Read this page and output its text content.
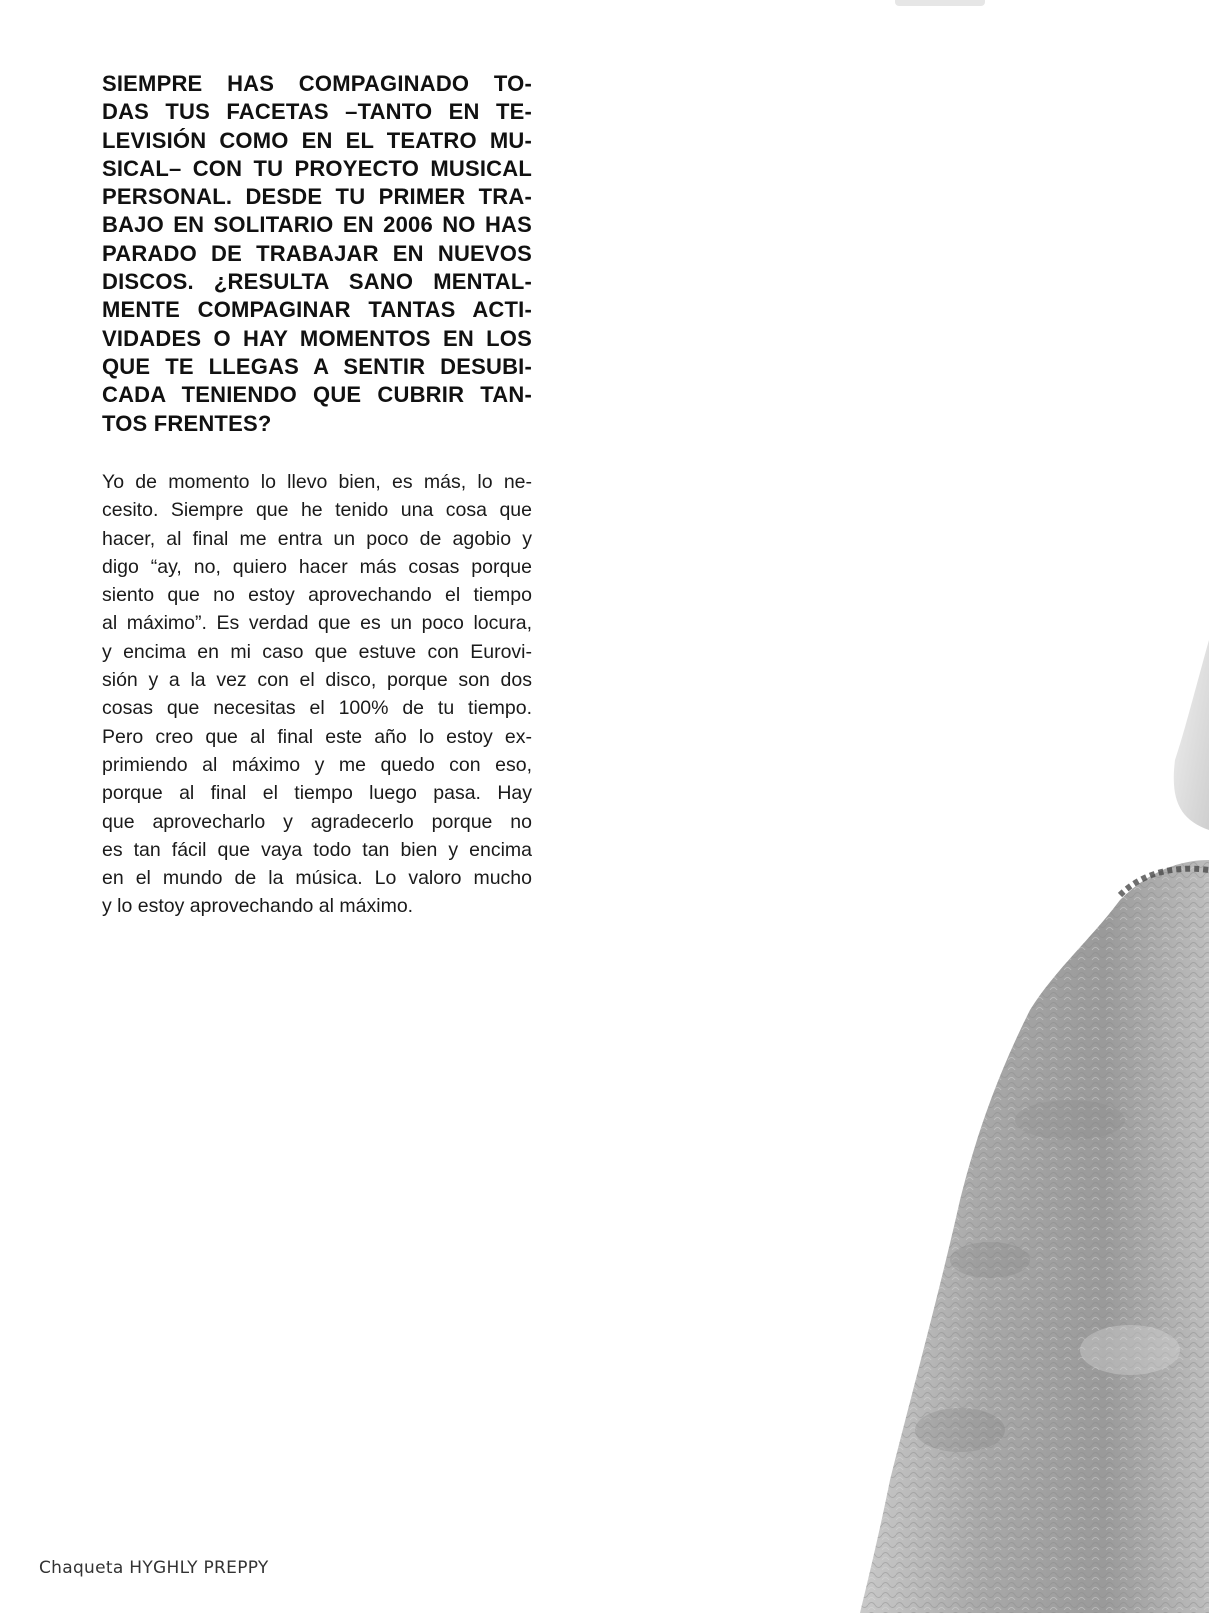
SIEMPRE HAS COMPAGINADO TO-
DAS TUS FACETAS –TANTO EN TE-
LEVISIÓN COMO EN EL TEATRO MU-
SICAL– CON TU PROYECTO MUSICAL
PERSONAL. DESDE TU PRIMER TRA-
BAJO EN SOLITARIO EN 2006 NO HAS
PARADO DE TRABAJAR EN NUEVOS
DISCOS. ¿RESULTA SANO MENTAL-
MENTE COMPAGINAR TANTAS ACTI-
VIDADES O HAY MOMENTOS EN LOS
QUE TE LLEGAS A SENTIR DESUBI-
CADA TENIENDO QUE CUBRIR TAN-
TOS FRENTES?
Yo de momento lo llevo bien, es más, lo ne-
cesito. Siempre que he tenido una cosa que
hacer, al final me entra un poco de agobio y
digo “ay, no, quiero hacer más cosas porque
siento que no estoy aprovechando el tiempo
al máximo”. Es verdad que es un poco locura,
y encima en mi caso que estuve con Eurovi-
sión y a la vez con el disco, porque son dos
cosas que necesitas el 100% de tu tiempo.
Pero creo que al final este año lo estoy ex-
primiendo al máximo y me quedo con eso,
porque al final el tiempo luego pasa. Hay
que aprovecharlo y agradecerlo porque no
es tan fácil que vaya todo tan bien y encima
en el mundo de la música. Lo valoro mucho
y lo estoy aprovechando al máximo.
Chaqueta HYGHLY PREPPY
